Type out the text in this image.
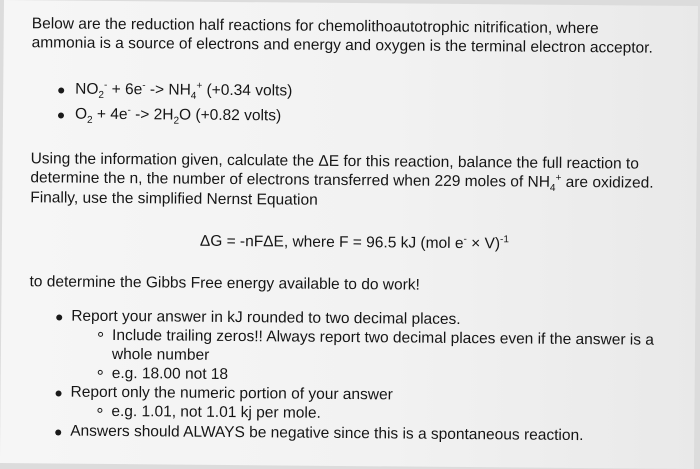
Below are the reduction half reactions for chemolithoautotrophic nitrification, where
ammonia is a source of electrons and energy and oxygen is the terminal electron acceptor.
$NO_2^- + 6e^- -> NH_4^+$ (+0.34 volts)
$O_2 + 4e^- -> 2H_2O$ (+0.82 volts)
Using the information given, calculate the ΔE for this reaction, balance the full reaction to
determine the n, the number of electrons transferred when 229 moles of $NH_4^+$ are oxidized.
Finally, use the simplified Nernst Equation
ΔG = -nFΔE, where F = 96.5 kJ (mol e- × V)$^{-1}$
to determine the Gibbs Free energy available to do work!
Report your answer in kJ rounded to two decimal places.
Include trailing zeros!! Always report two decimal places even if the answer is a
whole number
e.g. 18.00 not 18
Report only the numeric portion of your answer
e.g. 1.01, not 1.01 kj per mole.
Answers should ALWAYS be negative since this is a spontaneous reaction.
